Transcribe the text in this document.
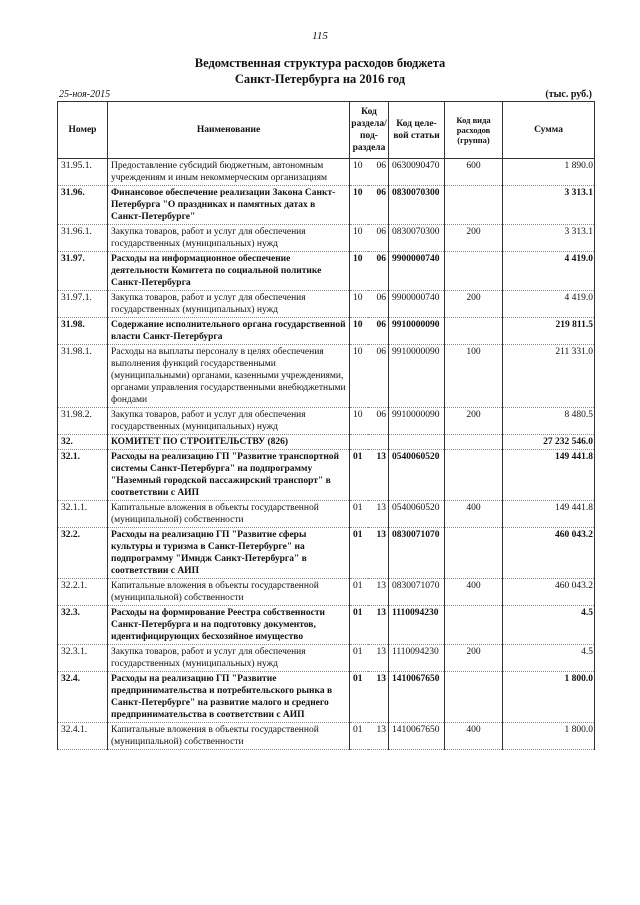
115
Ведомственная структура расходов бюджета
Санкт-Петербурга на 2016 год
25-ноя-2015	(тыс. руб.)
Номер	Наименование	Код раздела/ под-раздела		Код целе-вой статьи	Код вида расходов (группа)	Сумма
31.95.1.	Предоставление субсидий бюджетным, автономным учреждениям и иным некоммерческим организациям	10	06	0630090470	600	1 890.0
31.96.	Финансовое обеспечение реализации Закона Санкт-Петербурга "О праздниках и памятных датах в Санкт-Петербурге"	10	06	0830070300		3 313.1
31.96.1.	Закупка товаров, работ и услуг для обеспечения государственных (муниципальных) нужд	10	06	0830070300	200	3 313.1
31.97.	Расходы на информационное обеспечение деятельности Комитета по социальной политике Санкт-Петербурга	10	06	9900000740		4 419.0
31.97.1.	Закупка товаров, работ и услуг для обеспечения государственных (муниципальных) нужд	10	06	9900000740	200	4 419.0
31.98.	Содержание исполнительного органа государственной власти Санкт-Петербурга	10	06	9910000090		219 811.5
31.98.1.	Расходы на выплаты персоналу в целях обеспечения выполнения функций государственными (муниципальными) органами, казенными учреждениями, органами управления государственными внебюджетными фондами	10	06	9910000090	100	211 331.0
31.98.2.	Закупка товаров, работ и услуг для обеспечения государственных (муниципальных) нужд	10	06	9910000090	200	8 480.5
32.	КОМИТЕТ ПО СТРОИТЕЛЬСТВУ (826)					27 232 546.0
32.1.	Расходы на реализацию ГП "Развитие транспортной системы Санкт-Петербурга" на подпрограмму "Наземный городской пассажирский транспорт" в соответствии с АИП	01	13	0540060520		149 441.8
32.1.1.	Капитальные вложения в объекты государственной (муниципальной) собственности	01	13	0540060520	400	149 441.8
32.2.	Расходы на реализацию ГП "Развитие сферы культуры и туризма в Санкт-Петербурге" на подпрограмму "Имидж Санкт-Петербурга" в соответствии с АИП	01	13	0830071070		460 043.2
32.2.1.	Капитальные вложения в объекты государственной (муниципальной) собственности	01	13	0830071070	400	460 043.2
32.3.	Расходы на формирование Реестра собственности Санкт-Петербурга и на подготовку документов, идентифицирующих бесхозяйное имущество	01	13	1110094230		4.5
32.3.1.	Закупка товаров, работ и услуг для обеспечения государственных (муниципальных) нужд	01	13	1110094230	200	4.5
32.4.	Расходы на реализацию ГП "Развитие предпринимательства и потребительского рынка в Санкт-Петербурге" на развитие малого и среднего предпринимательства в соответствии с АИП	01	13	1410067650		1 800.0
32.4.1.	Капитальные вложения в объекты государственной (муниципальной) собственности	01	13	1410067650	400	1 800.0
